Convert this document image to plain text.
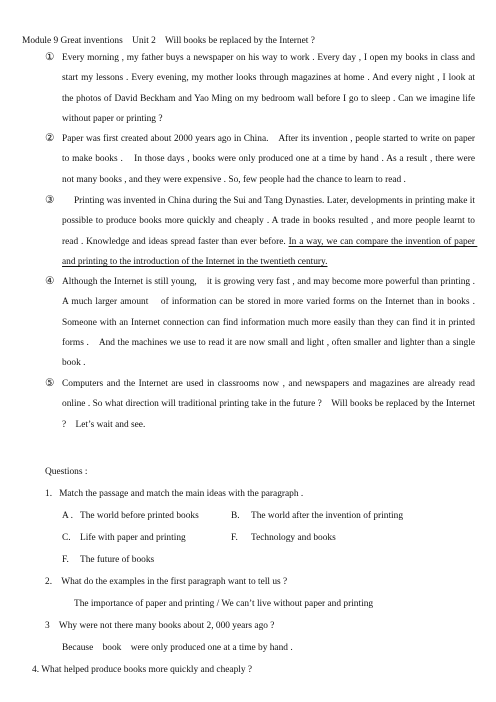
Module 9 Great inventions    Unit 2    Will books be replaced by the Internet ?
① Every morning , my father buys a newspaper on his way to work . Every day , I open my books in class and start my lessons . Every evening, my mother looks through magazines at home . And every night , I look at the photos of David Beckham and Yao Ming on my bedroom wall before I go to sleep . Can we imagine life without paper or printing ?
② Paper was first created about 2000 years ago in China.    After its invention , people started to write on paper to make books .    In those days , books were only produced one at a time by hand . As a result , there were not many books , and they were expensive . So, few people had the chance to learn to read .
③ Printing was invented in China during the Sui and Tang Dynasties. Later, developments in printing make it possible to produce books more quickly and cheaply . A trade in books resulted , and more people learnt to read . Knowledge and ideas spread faster than ever before. In a way, we can compare the invention of paper and printing to the introduction of the Internet in the twentieth century.
④ Although the Internet is still young,    it is growing very fast , and may become more powerful than printing . A much larger amount    of information can be stored in more varied forms on the Internet than in books . Someone with an Internet connection can find information much more easily than they can find it in printed forms .    And the machines we use to read it are now small and light , often smaller and lighter than a single book .
⑤ Computers and the Internet are used in classrooms now , and newspapers and magazines are already read online . So what direction will traditional printing take in the future ?    Will books be replaced by the Internet ?    Let’s wait and see.
Questions :
1.   Match the passage and match the main ideas with the paragraph .
A . The world before printed books	B. The world after the invention of printing
C. Life with paper and printing	F. Technology and books
F. The future of books
2.    What do the examples in the first paragraph want to tell us ?
The importance of paper and printing / We can’t live without paper and printing
3    Why were not there many books about 2, 000 years ago ?
Because    book    were only produced one at a time by hand .
4. What helped produce books more quickly and cheaply ?
